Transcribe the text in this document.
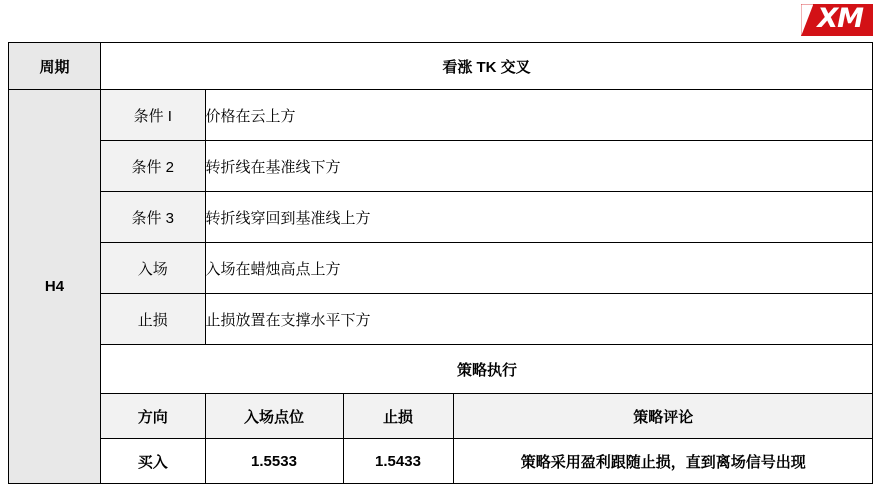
XM
周期	看涨 TK 交叉
H4	
条件 I	价格在云上方
条件 2	转折线在基准线下方
条件 3	转折线穿回到基准线上方
入场	入场在蜡烛高点上方
止损	止损放置在支撑水平下方
策略执行
方向	入场点位	止损	策略评论
买入	1.5533	1.5433	策略采用盈利跟随止损，直到离场信号出现
